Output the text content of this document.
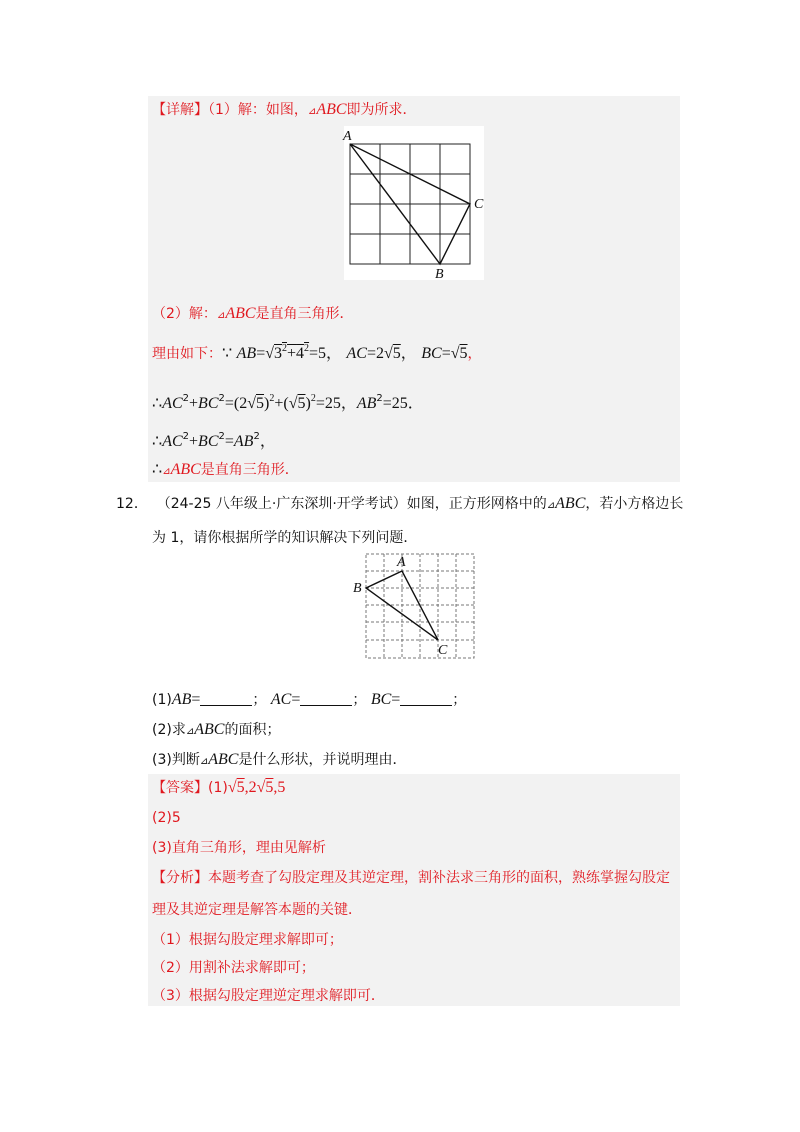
【详解】（1）解：如图，⊿ABC即为所求．
A
C
B
（2）解：⊿ABC是直角三角形．
理由如下：∵ $AB=√3^2+4^2=5$， AC=2√5， BC=√5，
$\therefore AC^2+BC^2=(2√5)^2+(√5)^2=25$，$AB^2=25$．
$\therefore AC^2+BC^2=AB^2$，
∴⊿ABC是直角三角形．
12． （24-25 八年级上·广东深圳·开学考试）如图，正方形网格中的⊿ABC，若小方格边长
为 1，请你根据所学的知识解决下列问题．
A
B
C
(1)AB=	； AC=	； BC=	；
(2)求⊿ABC的面积；
(3)判断⊿ABC是什么形状，并说明理由．
【答案】(1)√5,2√5,5
(2)5
(3)直角三角形，理由见解析
【分析】本题考查了勾股定理及其逆定理，割补法求三角形的面积，熟练掌握勾股定
理及其逆定理是解答本题的关键．
（1）根据勾股定理求解即可；
（2）用割补法求解即可；
（3）根据勾股定理逆定理求解即可．
